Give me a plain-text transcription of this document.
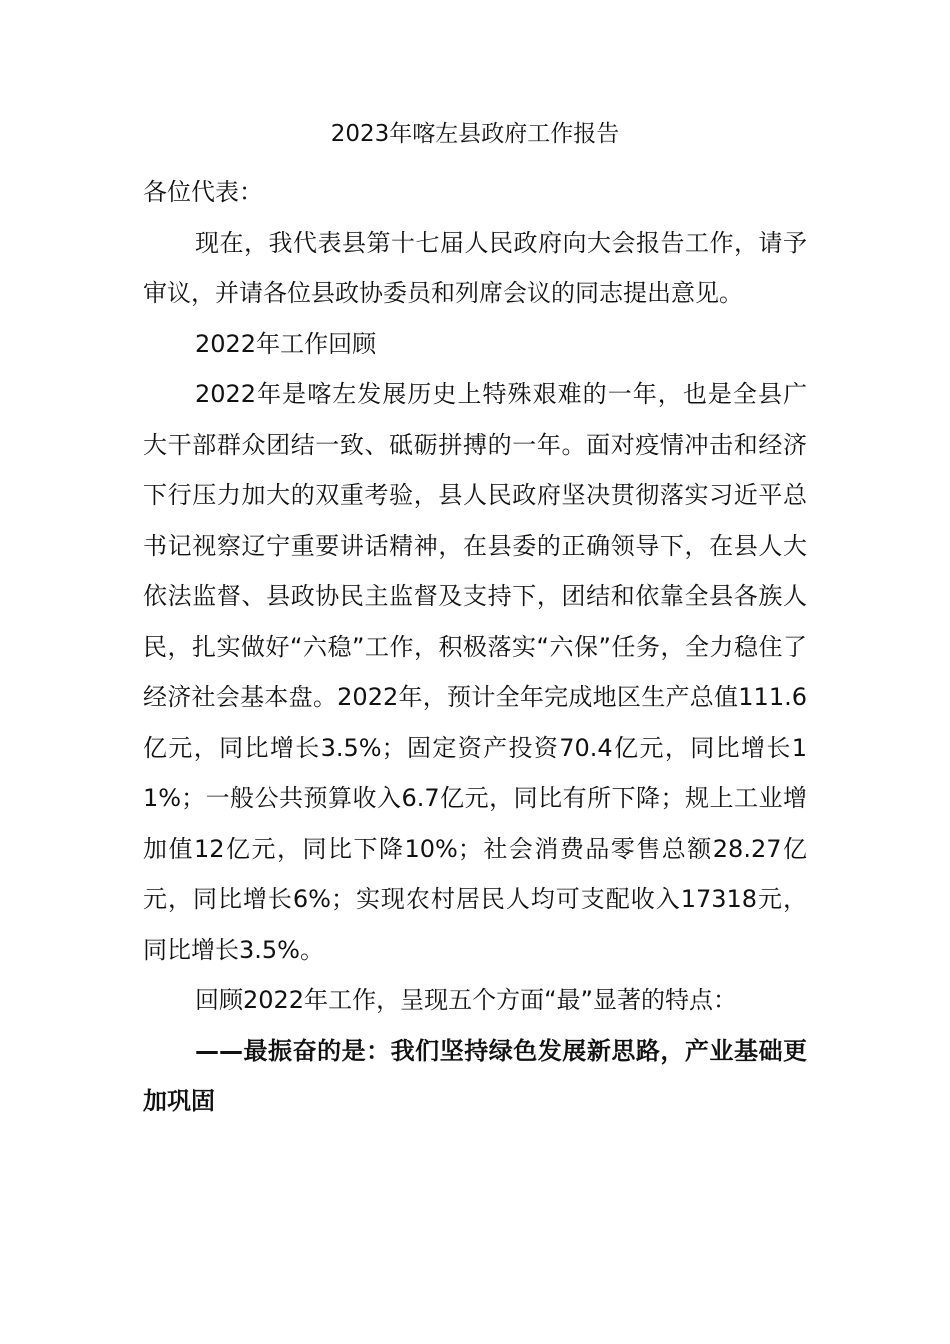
2023年喀左县政府工作报告

各位代表：

现在，我代表县第十七届人民政府向大会报告工作，请予审议，并请各位县政协委员和列席会议的同志提出意见。

2022年工作回顾

2022年是喀左发展历史上特殊艰难的一年，也是全县广大干部群众团结一致、砥砺拼搏的一年。面对疫情冲击和经济下行压力加大的双重考验，县人民政府坚决贯彻落实习近平总书记视察辽宁重要讲话精神，在县委的正确领导下，在县人大依法监督、县政协民主监督及支持下，团结和依靠全县各族人民，扎实做好“六稳”工作，积极落实“六保”任务，全力稳住了经济社会基本盘。2022年，预计全年完成地区生产总值111.6亿元，同比增长3.5%；固定资产投资70.4亿元，同比增长11%；一般公共预算收入6.7亿元，同比有所下降；规上工业增加值12亿元，同比下降10%；社会消费品零售总额28.27亿元，同比增长6%；实现农村居民人均可支配收入17318元，同比增长3.5%。

回顾2022年工作，呈现五个方面“最”显著的特点：

——最振奋的是：我们坚持绿色发展新思路，产业基础更加巩固
